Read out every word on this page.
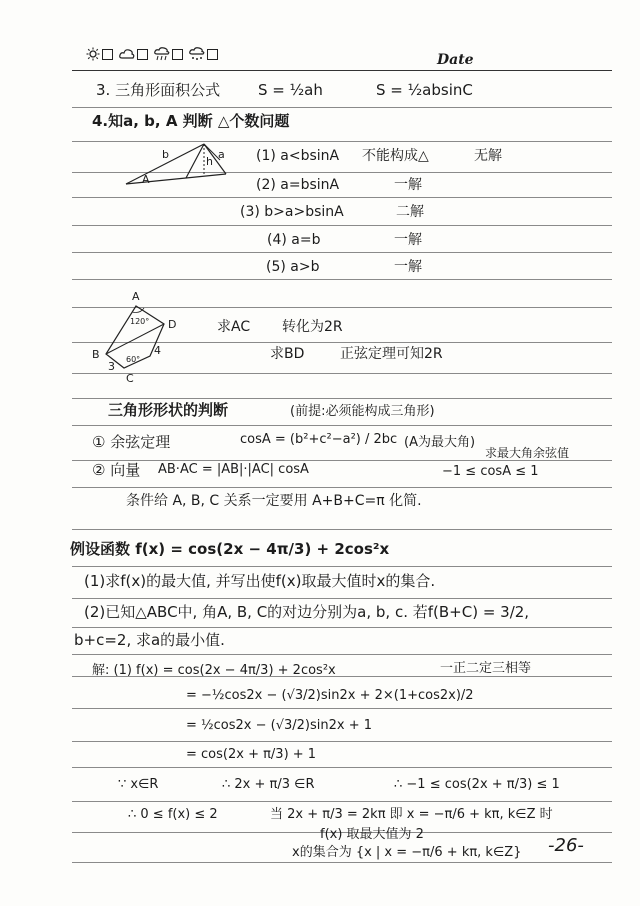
Date
3. 三角形面积公式	S = ½ah	S = ½absinC
4.知a, b, A 判断 △个数问题
b
h
a
A
(1) a<bsinA 不能构成△	无解
(2) a=bsinA	一解
(3) b>a>bsinA	二解
(4) a=b	一解
(5) a>b	一解
A
D
B
C
120°
60°
4
3
求AC 转化为2R
求BD	正弦定理可知2R
三角形形状的判断	(前提:必须能构成三角形)
① 余弦定理	cosA = (b²+c²−a²) / 2bc (A为最大角)
求最大角余弦值
② 向量 AB·AC = |AB|·|AC| cosA	−1 ≤ cosA ≤ 1
条件给 A, B, C 关系一定要用 A+B+C=π 化简.
例设函数 f(x) = cos(2x − 4π/3) + 2cos²x
(1)求f(x)的最大值, 并写出使f(x)取最大值时x的集合.
(2)已知△ABC中, 角A, B, C的对边分别为a, b, c. 若f(B+C) = 3/2,
b+c=2, 求a的最小值.
解: (1) f(x) = cos(2x − 4π/3) + 2cos²x	一正二定三相等
= −½cos2x − (√3/2)sin2x + 2×(1+cos2x)/2
= ½cos2x − (√3/2)sin2x + 1
= cos(2x + π/3) + 1
∵ x∈R	∴ 2x + π/3 ∈R	∴ −1 ≤ cos(2x + π/3) ≤ 1
∴ 0 ≤ f(x) ≤ 2	当 2x + π/3 = 2kπ 即 x = −π/6 + kπ, k∈Z 时
f(x) 取最大值为 2
x的集合为 {x | x = −π/6 + kπ, k∈Z} -26-
